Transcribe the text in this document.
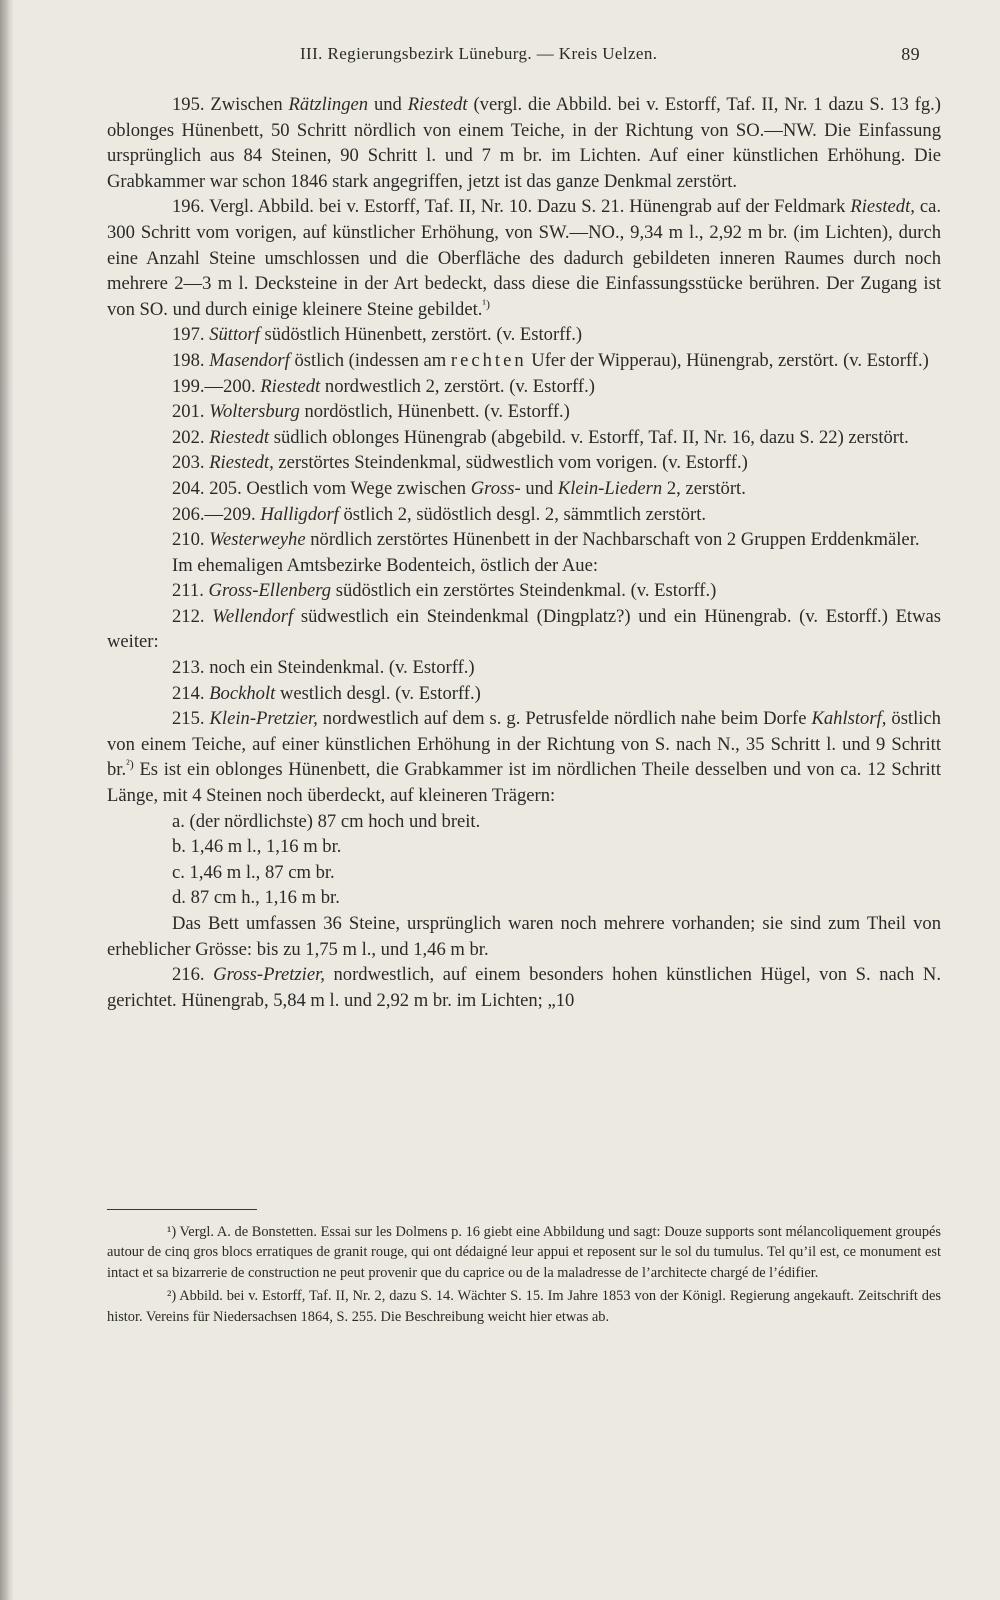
III. Regierungsbezirk Lüneburg. — Kreis Uelzen.	89

195. Zwischen Rätzlingen und Riestedt (vergl. die Abbild. bei v. Estorff, Taf. II, Nr. 1 dazu S. 13 fg.) oblonges Hünenbett, 50 Schritt nördlich von einem Teiche, in der Richtung von SO.—NW. Die Einfassung ursprünglich aus 84 Steinen, 90 Schritt l. und 7 m br. im Lichten. Auf einer künstlichen Erhöhung. Die Grabkammer war schon 1846 stark angegriffen, jetzt ist das ganze Denkmal zerstört.

196. Vergl. Abbild. bei v. Estorff, Taf. II, Nr. 10. Dazu S. 21. Hünengrab auf der Feldmark Riestedt, ca. 300 Schritt vom vorigen, auf künstlicher Erhöhung, von SW.—NO., 9,34 m l., 2,92 m br. (im Lichten), durch eine Anzahl Steine umschlossen und die Oberfläche des dadurch gebildeten inneren Raumes durch noch mehrere 2—3 m l. Decksteine in der Art bedeckt, dass diese die Einfassungsstücke berühren. Der Zugang ist von SO. und durch einige kleinere Steine gebildet.$^{^1)}$

197. Süttorf südöstlich Hünenbett, zerstört. (v. Estorff.)

198. Masendorf östlich (indessen am rechten Ufer der Wipperau), Hünengrab, zerstört. (v. Estorff.)

199.—200. Riestedt nordwestlich 2, zerstört. (v. Estorff.)

201. Woltersburg nordöstlich, Hünenbett. (v. Estorff.)

202. Riestedt südlich oblonges Hünengrab (abgebild. v. Estorff, Taf. II, Nr. 16, dazu S. 22) zerstört.

203. Riestedt, zerstörtes Steindenkmal, südwestlich vom vorigen. (v. Estorff.)

204. 205. Oestlich vom Wege zwischen Gross- und Klein-Liedern 2, zerstört.

206.—209. Halligdorf östlich 2, südöstlich desgl. 2, sämmtlich zerstört.

210. Westerweyhe nördlich zerstörtes Hünenbett in der Nachbarschaft von 2 Gruppen Erddenkmäler.

Im ehemaligen Amtsbezirke Bodenteich, östlich der Aue:

211. Gross-Ellenberg südöstlich ein zerstörtes Steindenkmal. (v. Estorff.)

212. Wellendorf südwestlich ein Steindenkmal (Dingplatz?) und ein Hünengrab. (v. Estorff.) Etwas weiter:

213. noch ein Steindenkmal. (v. Estorff.)

214. Bockholt westlich desgl. (v. Estorff.)

215. Klein-Pretzier, nordwestlich auf dem s. g. Petrusfelde nördlich nahe beim Dorfe Kahlstorf, östlich von einem Teiche, auf einer künstlichen Erhöhung in der Richtung von S. nach N., 35 Schritt l. und 9 Schritt br.$^{^2)}$ Es ist ein oblonges Hünenbett, die Grabkammer ist im nördlichen Theile desselben und von ca. 12 Schritt Länge, mit 4 Steinen noch überdeckt, auf kleineren Trägern:

a. (der nördlichste) 87 cm hoch und breit.

b. 1,46 m l., 1,16 m br.

c. 1,46 m l., 87 cm br.

d. 87 cm h., 1,16 m br.

Das Bett umfassen 36 Steine, ursprünglich waren noch mehrere vorhanden; sie sind zum Theil von erheblicher Grösse: bis zu 1,75 m l., und 1,46 m br.

216. Gross-Pretzier, nordwestlich, auf einem besonders hohen künstlichen Hügel, von S. nach N. gerichtet. Hünengrab, 5,84 m l. und 2,92 m br. im Lichten; „10

¹) Vergl. A. de Bonstetten. Essai sur les Dolmens p. 16 giebt eine Abbildung und sagt: Douze supports sont mélancoliquement groupés autour de cinq gros blocs erratiques de granit rouge, qui ont dédaigné leur appui et reposent sur le sol du tumulus. Tel qu’il est, ce monument est intact et sa bizarrerie de construction ne peut provenir que du caprice ou de la maladresse de l’architecte chargé de l’édifier.

²) Abbild. bei v. Estorff, Taf. II, Nr. 2, dazu S. 14. Wächter S. 15. Im Jahre 1853 von der Königl. Regierung angekauft. Zeitschrift des histor. Vereins für Niedersachsen 1864, S. 255. Die Beschreibung weicht hier etwas ab.
